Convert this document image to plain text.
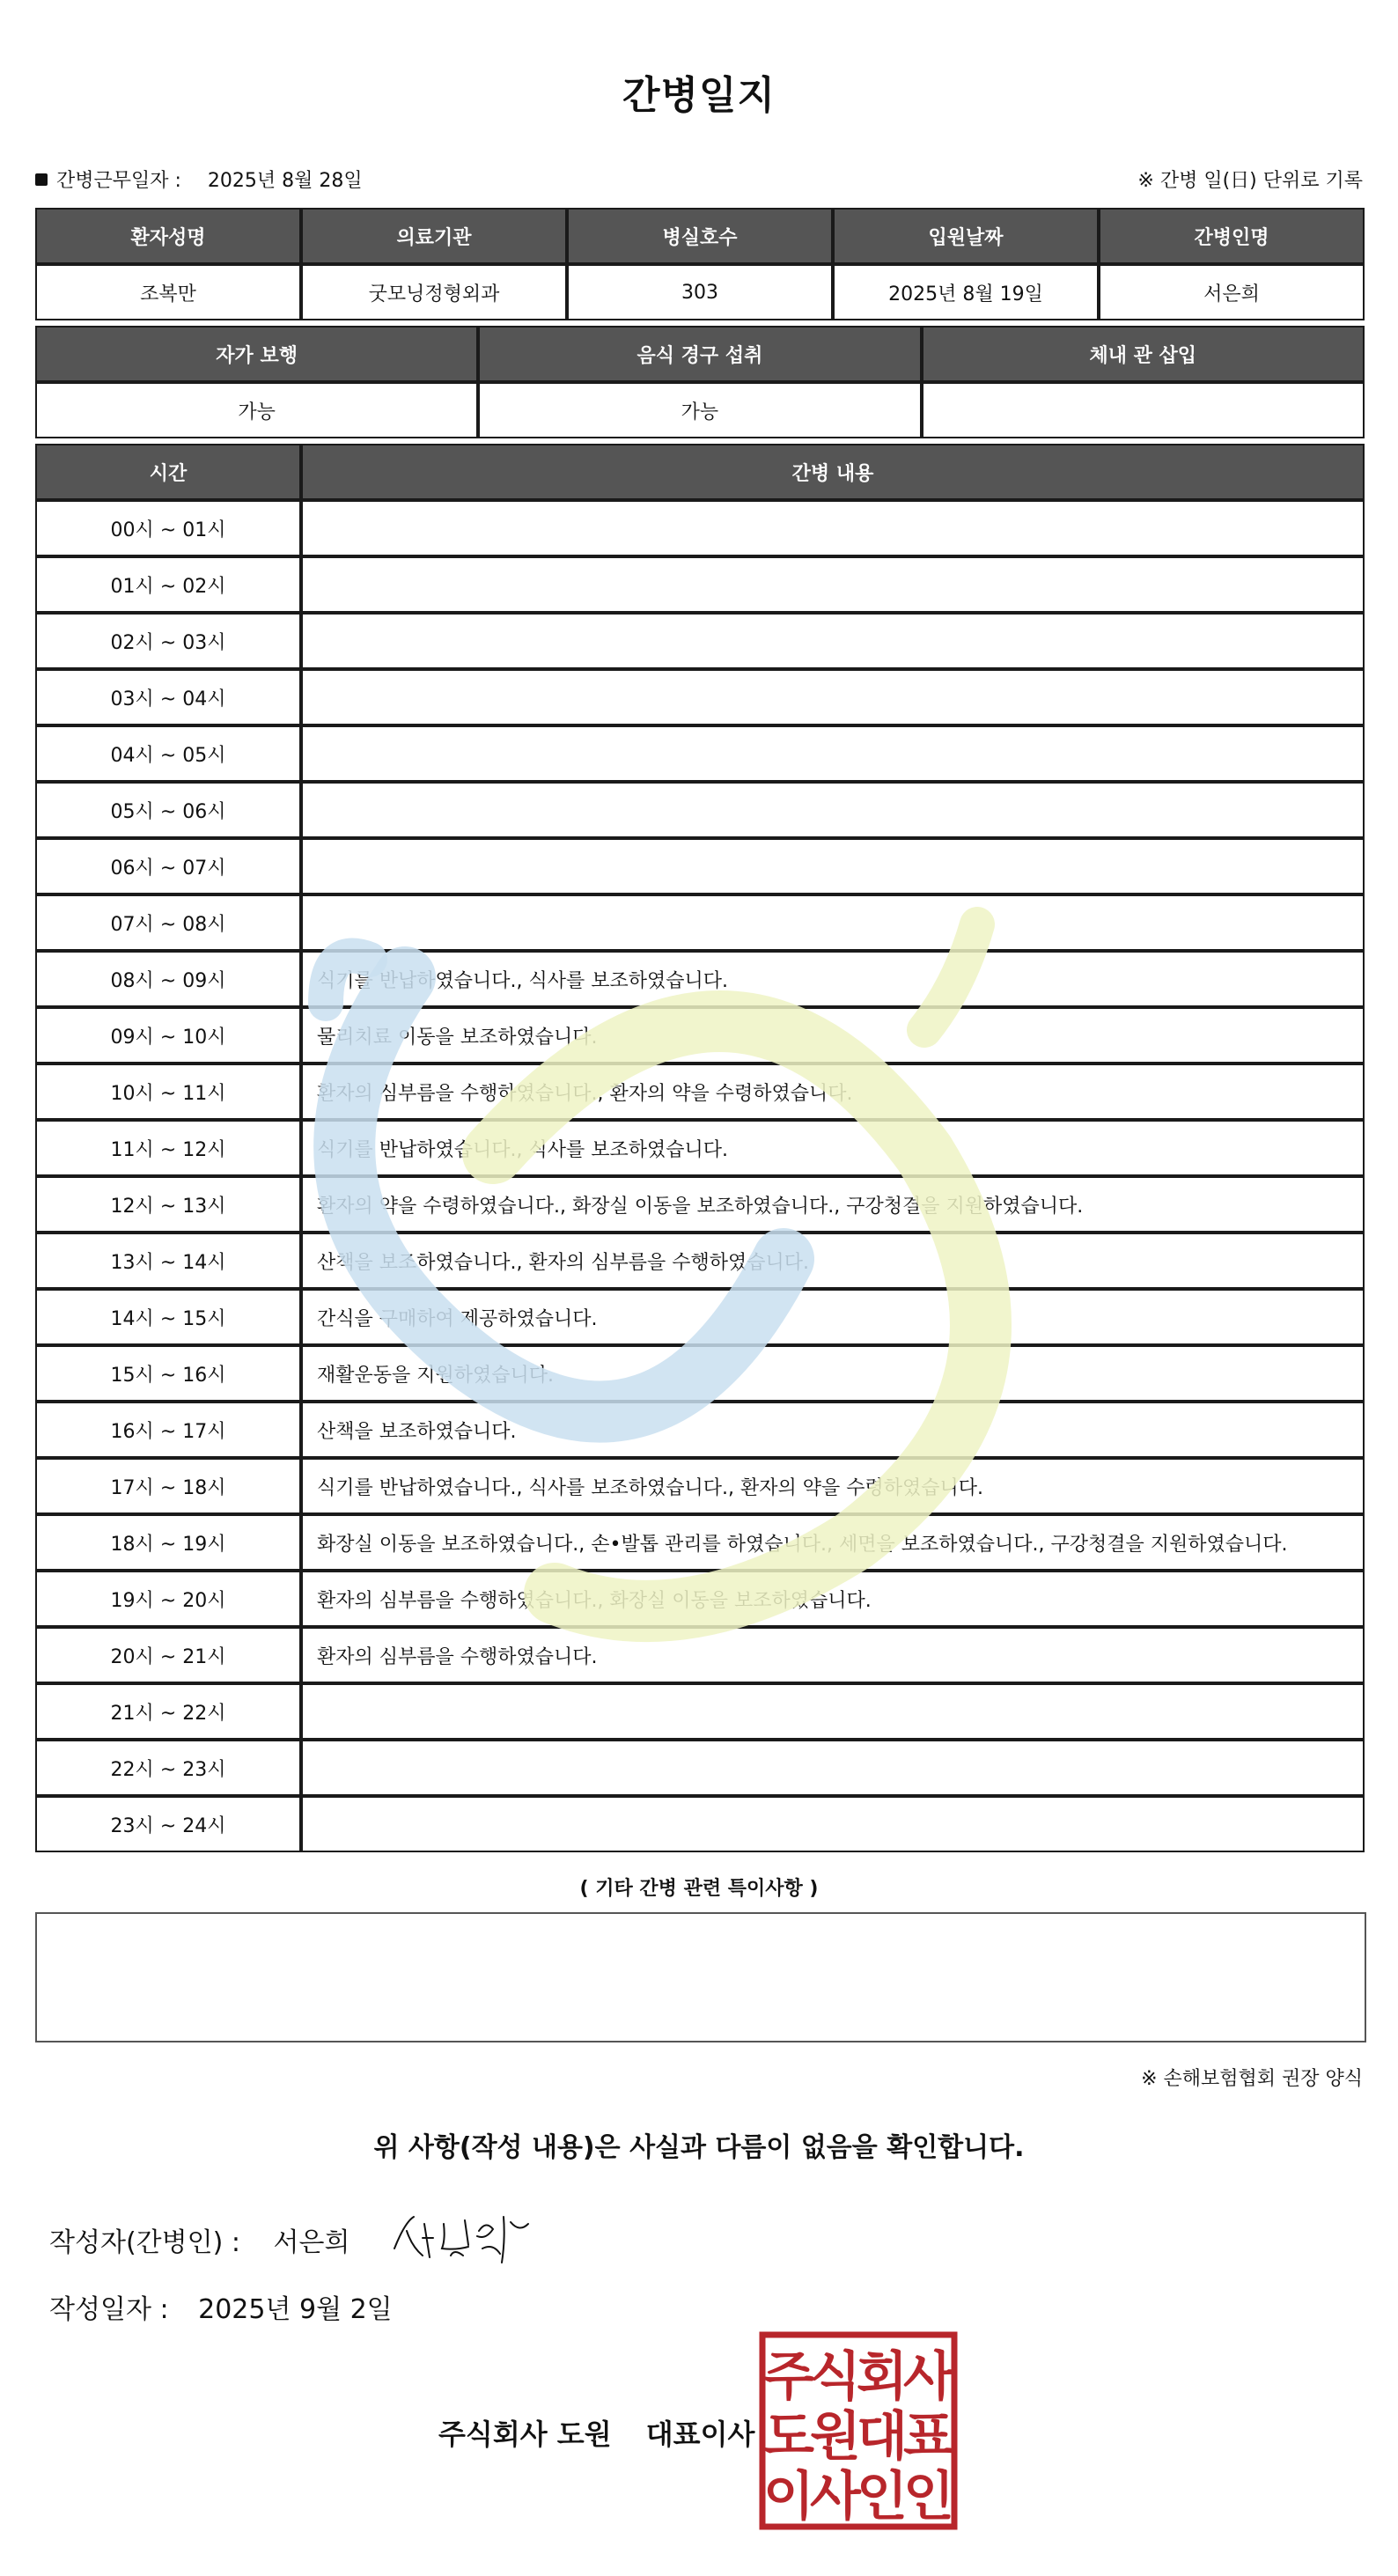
간병일지
간병근무일자 : 2025년 8월 28일	※ 간병 일(日) 단위로 기록
환자성명	의료기관	병실호수	입원날짜	간병인명
조복만	굿모닝정형외과	303	2025년 8월 19일	서은희
자가 보행	음식 경구 섭취	체내 관 삽입
가능	가능	
시간	간병 내용
00시 ~ 01시	
01시 ~ 02시	
02시 ~ 03시	
03시 ~ 04시	
04시 ~ 05시	
05시 ~ 06시	
06시 ~ 07시	
07시 ~ 08시	
08시 ~ 09시	식기를 반납하였습니다., 식사를 보조하였습니다.
09시 ~ 10시	물리치료 이동을 보조하였습니다.
10시 ~ 11시	환자의 심부름을 수행하였습니다., 환자의 약을 수령하였습니다.
11시 ~ 12시	식기를 반납하였습니다., 식사를 보조하였습니다.
12시 ~ 13시	환자의 약을 수령하였습니다., 화장실 이동을 보조하였습니다., 구강청결을 지원하였습니다.
13시 ~ 14시	산책을 보조하였습니다., 환자의 심부름을 수행하였습니다.
14시 ~ 15시	간식을 구매하여 제공하였습니다.
15시 ~ 16시	재활운동을 지원하였습니다.
16시 ~ 17시	산책을 보조하였습니다.
17시 ~ 18시	식기를 반납하였습니다., 식사를 보조하였습니다., 환자의 약을 수령하였습니다.
18시 ~ 19시	화장실 이동을 보조하였습니다., 손•발톱 관리를 하였습니다., 세면을 보조하였습니다., 구강청결을 지원하였습니다.
19시 ~ 20시	환자의 심부름을 수행하였습니다., 화장실 이동을 보조하였습니다.
20시 ~ 21시	환자의 심부름을 수행하였습니다.
21시 ~ 22시	
22시 ~ 23시	
23시 ~ 24시	
( 기타 간병 관련 특이사항 )
※ 손해보험협회 권장 양식
위 사항(작성 내용)은 사실과 다름이 없음을 확인합니다.
작성자(간병인) : 서은희
작성일자 : 2025년 9월 2일
주식회사 도원 대표이사
주
식
회
사
도
원
대
표
이
사
인
인
